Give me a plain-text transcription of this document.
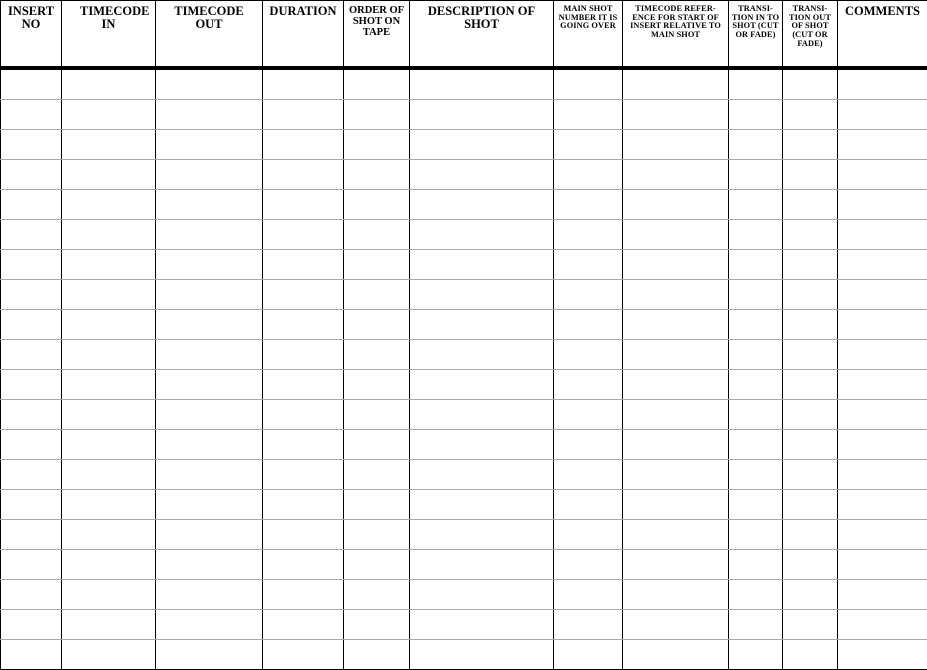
INSERT NO	TIMECODE IN	TIMECODE OUT	DURATION	ORDER OF SHOT ON TAPE	DESCRIPTION OF SHOT	MAIN SHOT NUMBER IT IS GOING OVER	TIMECODE REFER-ENCE FOR START OF INSERT RELATIVE TO MAIN SHOT	TRANSI-TION IN TO SHOT (CUT OR FADE)	TRANSI-TION OUT OF SHOT (CUT OR FADE)	COMMENTS
